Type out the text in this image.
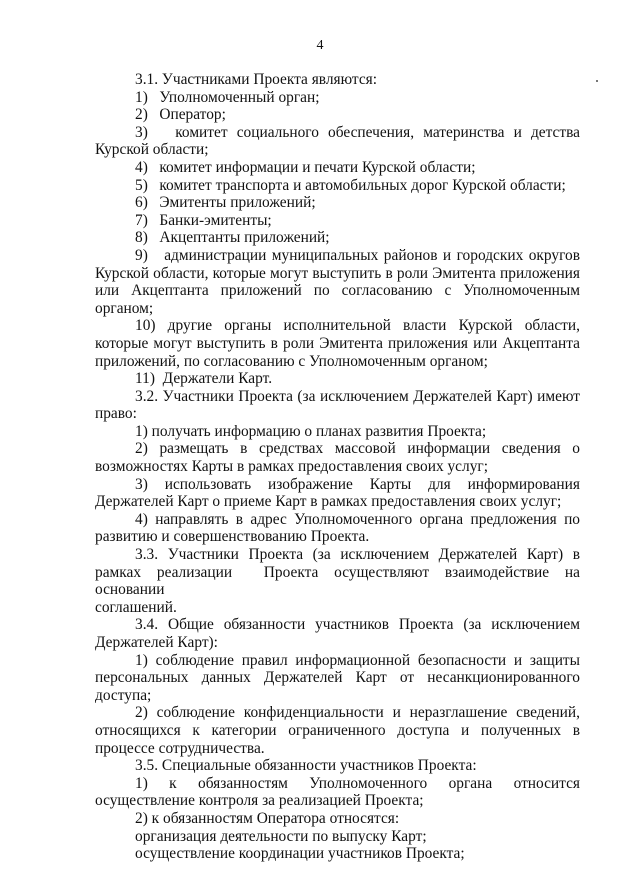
4
3.1. Участниками Проекта являются:
1)   Уполномоченный орган;
2)   Оператор;
3)   комитет социального обеспечения, материнства и детства
Курской области;
4)   комитет информации и печати Курской области;
5)   комитет транспорта и автомобильных дорог Курской области;
6)   Эмитенты приложений;
7)   Банки-эмитенты;
8)   Акцептанты приложений;
9)   администрации муниципальных районов и городских округов
Курской области, которые могут выступить в роли Эмитента приложения
или Акцептанта приложений по согласованию с Уполномоченным
органом;
10) другие органы исполнительной власти Курской области,
которые могут выступить в роли Эмитента приложения или Акцептанта
приложений, по согласованию с Уполномоченным органом;
11)  Держатели Карт.
3.2. Участники Проекта (за исключением Держателей Карт) имеют
право:
1) получать информацию о планах развития Проекта;
2) размещать в средствах массовой информации сведения о
возможностях Карты в рамках предоставления своих услуг;
3) использовать изображение Карты для информирования
Держателей Карт о приеме Карт в рамках предоставления своих услуг;
4) направлять в адрес Уполномоченного органа предложения по
развитию и совершенствованию Проекта.
3.3. Участники Проекта (за исключением Держателей Карт) в
рамках реализации  Проекта осуществляют взаимодействие на основании
соглашений.
3.4. Общие обязанности участников Проекта (за исключением
Держателей Карт):
1) соблюдение правил информационной безопасности и защиты
персональных данных Держателей Карт от несанкционированного
доступа;
2) соблюдение конфиденциальности и неразглашение сведений,
относящихся к категории ограниченного доступа и полученных в
процессе сотрудничества.
3.5. Специальные обязанности участников Проекта:
1)   к   обязанностям   Уполномоченного   органа   относится
осуществление контроля за реализацией Проекта;
2) к обязанностям Оператора относятся:
организация деятельности по выпуску Карт;
осуществление координации участников Проекта;
